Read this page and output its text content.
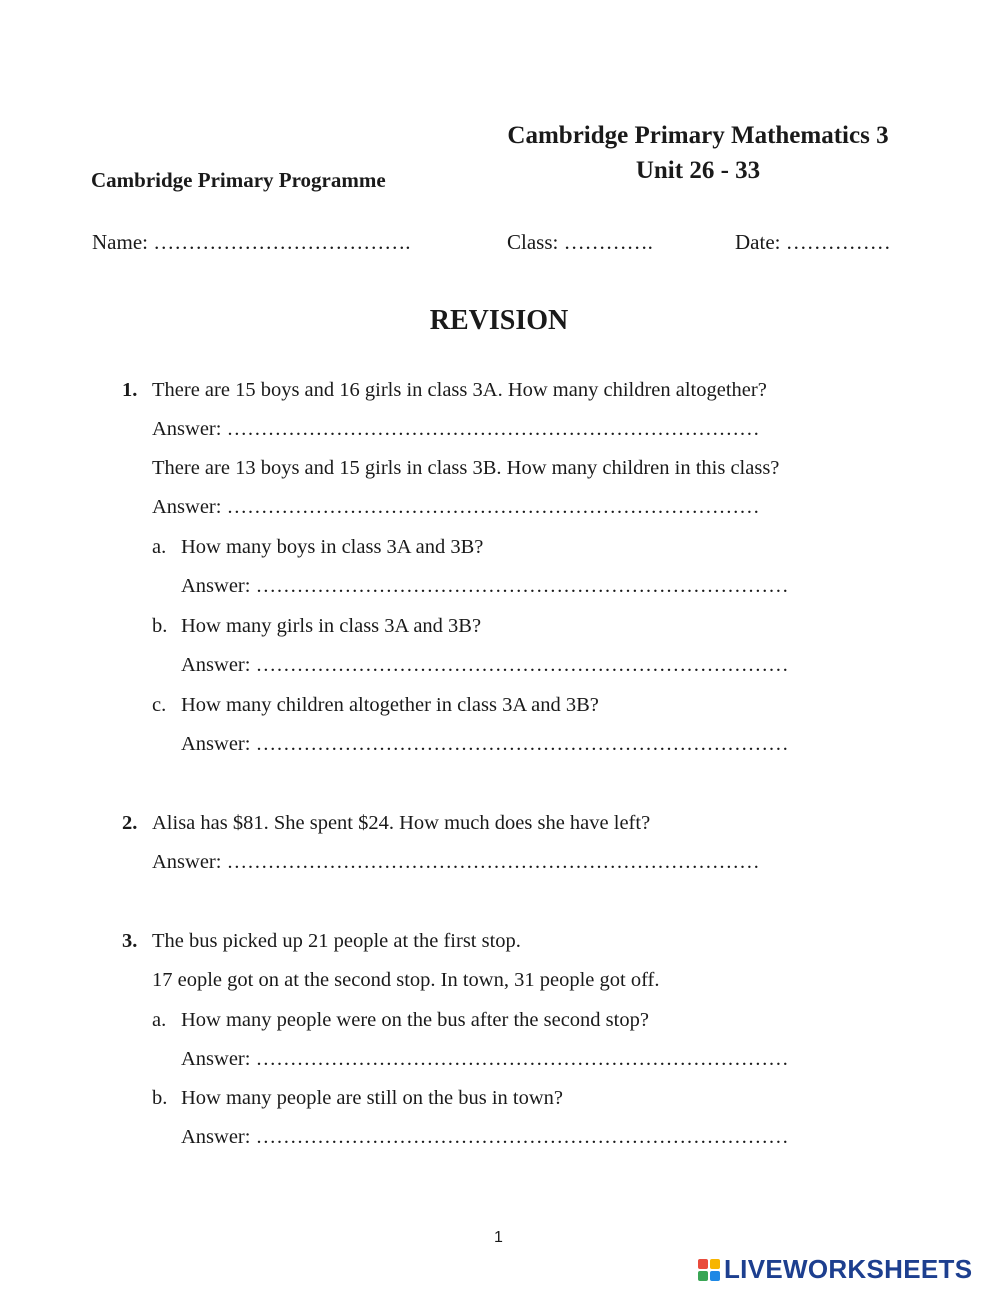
Cambridge Primary Mathematics 3
Unit 26 - 33
Cambridge Primary Programme
Name: ……………………………….	Class: ………….	Date: ……………
REVISION
1. There are 15 boys and 16 girls in class 3A. How many children altogether?
Answer: ……………………………………………………………………
There are 13 boys and 15 girls in class 3B. How many children in this class?
Answer: ……………………………………………………………………
a. How many boys in class 3A and 3B?
Answer: ……………………………………………………………………
b. How many girls in class 3A and 3B?
Answer: ……………………………………………………………………
c. How many children altogether in class 3A and 3B?
Answer: ……………………………………………………………………
2. Alisa has $81. She spent $24. How much does she have left?
Answer: ……………………………………………………………………
3. The bus picked up 21 people at the first stop.
17 eople got on at the second stop. In town, 31 people got off.
a. How many people were on the bus after the second stop?
Answer: ……………………………………………………………………
b. How many people are still on the bus in town?
Answer: ……………………………………………………………………
1
LIVEWORKSHEETS
